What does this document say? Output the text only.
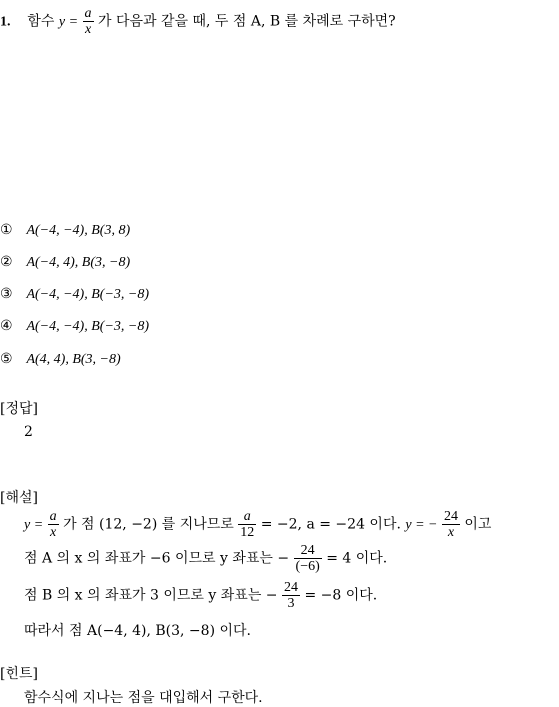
1. 함수 $y = \frac{a}{x}$ 가 다음과 같을 때, 두 점 A, B 를 차례로 구하면?
① A(−4, −4), B(3, 8)
② A(−4, 4), B(3, −8)
③ A(−4, −4), B(−3, −8)
④ A(−4, −4), B(−3, −8)
⑤ A(4, 4), B(3, −8)
[정답]
2
[해설]
$y = \frac{a}{x}$ 가 점 (12, −2) 를 지나므로 $\frac{a}{12} = -2$, a = −24 이다. y = − $\frac{24}{x}$ 이고
점 A 의 x 의 좌표가 −6 이므로 y 좌표는 − $\frac{24}{(-6)} = 4$ 이다.
점 B 의 x 의 좌표가 3 이므로 y 좌표는 − $\frac{24}{3} = -8$ 이다.
따라서 점 A(−4, 4), B(3, −8) 이다.
[힌트]
함수식에 지나는 점을 대입해서 구한다.
